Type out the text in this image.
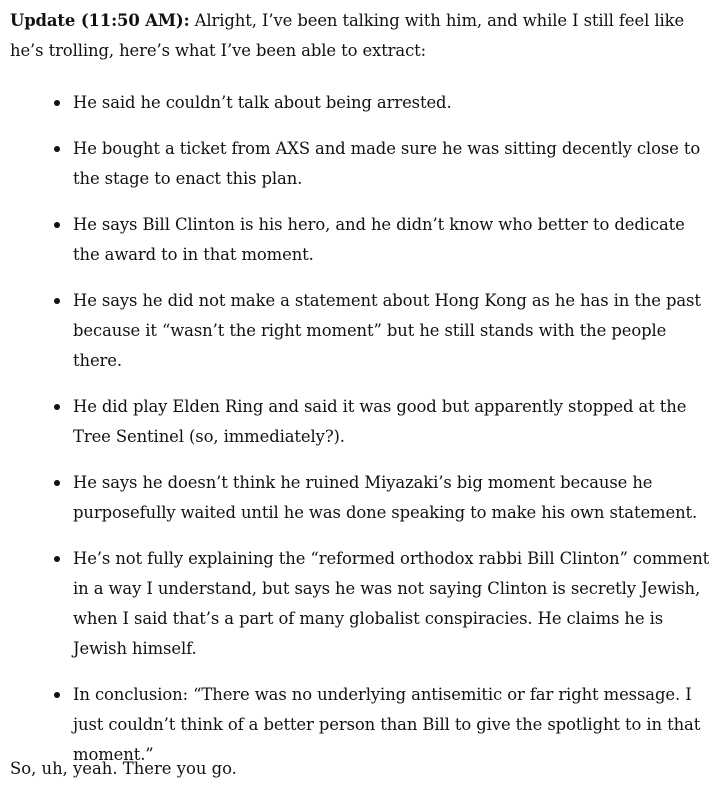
Update (11:50 AM): Alright, I’ve been talking with him, and while I still feel like he’s trolling, here’s what I’ve been able to extract:

He said he couldn’t talk about being arrested.
He bought a ticket from AXS and made sure he was sitting decently close to the stage to enact this plan.
He says Bill Clinton is his hero, and he didn’t know who better to dedicate the award to in that moment.
He says he did not make a statement about Hong Kong as he has in the past because it “wasn’t the right moment” but he still stands with the people there.
He did play Elden Ring and said it was good but apparently stopped at the Tree Sentinel (so, immediately?).
He says he doesn’t think he ruined Miyazaki’s big moment because he purposefully waited until he was done speaking to make his own statement.
He’s not fully explaining the “reformed orthodox rabbi Bill Clinton” comment in a way I understand, but says he was not saying Clinton is secretly Jewish, when I said that’s a part of many globalist conspiracies. He claims he is Jewish himself.
In conclusion: “There was no underlying antisemitic or far right message. I just couldn’t think of a better person than Bill to give the spotlight to in that moment.”

So, uh, yeah. There you go.
